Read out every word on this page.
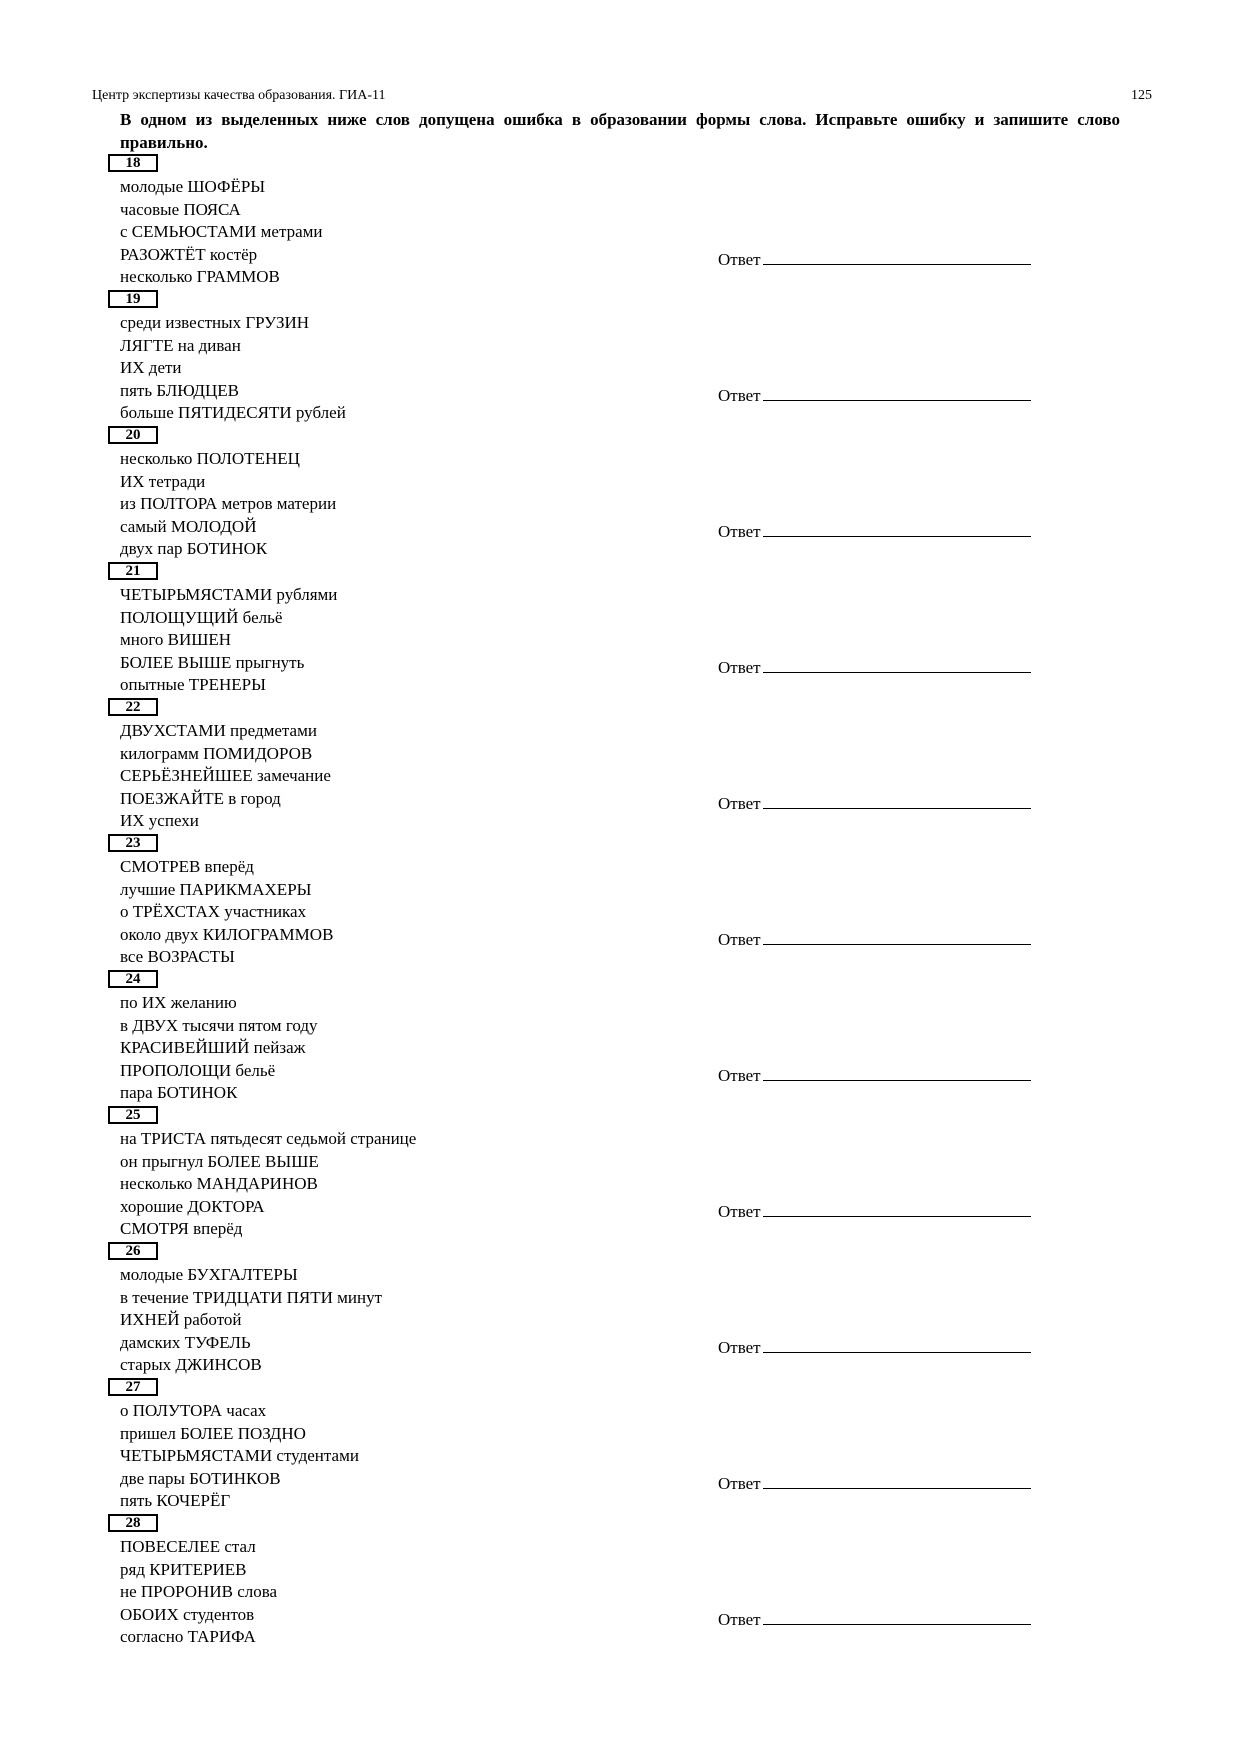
Центр экспертизы качества образования. ГИА-11	125
В одном из выделенных ниже слов допущена ошибка в образовании формы слова. Исправьте ошибку и запишите слово правильно.
18
молодые ШОФЁРЫ
часовые ПОЯСА
с СЕМЬЮСТАМИ метрами
РАЗОЖТЁТ костёр
несколько ГРАММОВ
Ответ
19
среди известных ГРУЗИН
ЛЯГТЕ на диван
ИХ дети
пять БЛЮДЦЕВ
больше ПЯТИДЕСЯТИ рублей
Ответ
20
несколько ПОЛОТЕНЕЦ
ИХ тетради
из ПОЛТОРА метров материи
самый МОЛОДОЙ
двух пар БОТИНОК
Ответ
21
ЧЕТЫРЬМЯСТАМИ рублями
ПОЛОЩУЩИЙ бельё
много ВИШЕН
БОЛЕЕ ВЫШЕ прыгнуть
опытные ТРЕНЕРЫ
Ответ
22
ДВУХСТАМИ предметами
килограмм ПОМИДОРОВ
СЕРЬЁЗНЕЙШЕЕ замечание
ПОЕЗЖАЙТЕ в город
ИХ успехи
Ответ
23
СМОТРЕВ вперёд
лучшие ПАРИКМАХЕРЫ
о ТРЁХСТАХ участниках
около двух КИЛОГРАММОВ
все ВОЗРАСТЫ
Ответ
24
по ИХ желанию
в ДВУХ тысячи пятом году
КРАСИВЕЙШИЙ пейзаж
ПРОПОЛОЩИ бельё
пара БОТИНОК
Ответ
25
на ТРИСТА пятьдесят седьмой странице
он прыгнул БОЛЕЕ ВЫШЕ
несколько МАНДАРИНОВ
хорошие ДОКТОРА
СМОТРЯ вперёд
Ответ
26
молодые БУХГАЛТЕРЫ
в течение ТРИДЦАТИ ПЯТИ минут
ИХНЕЙ работой
дамских ТУФЕЛЬ
старых ДЖИНСОВ
Ответ
27
о ПОЛУТОРА часах
пришел БОЛЕЕ ПОЗДНО
ЧЕТЫРЬМЯСТАМИ студентами
две пары БОТИНКОВ
пять КОЧЕРЁГ
Ответ
28
ПОВЕСЕЛЕЕ стал
ряд КРИТЕРИЕВ
не ПРОРОНИВ слова
ОБОИХ студентов
согласно ТАРИФА
Ответ
